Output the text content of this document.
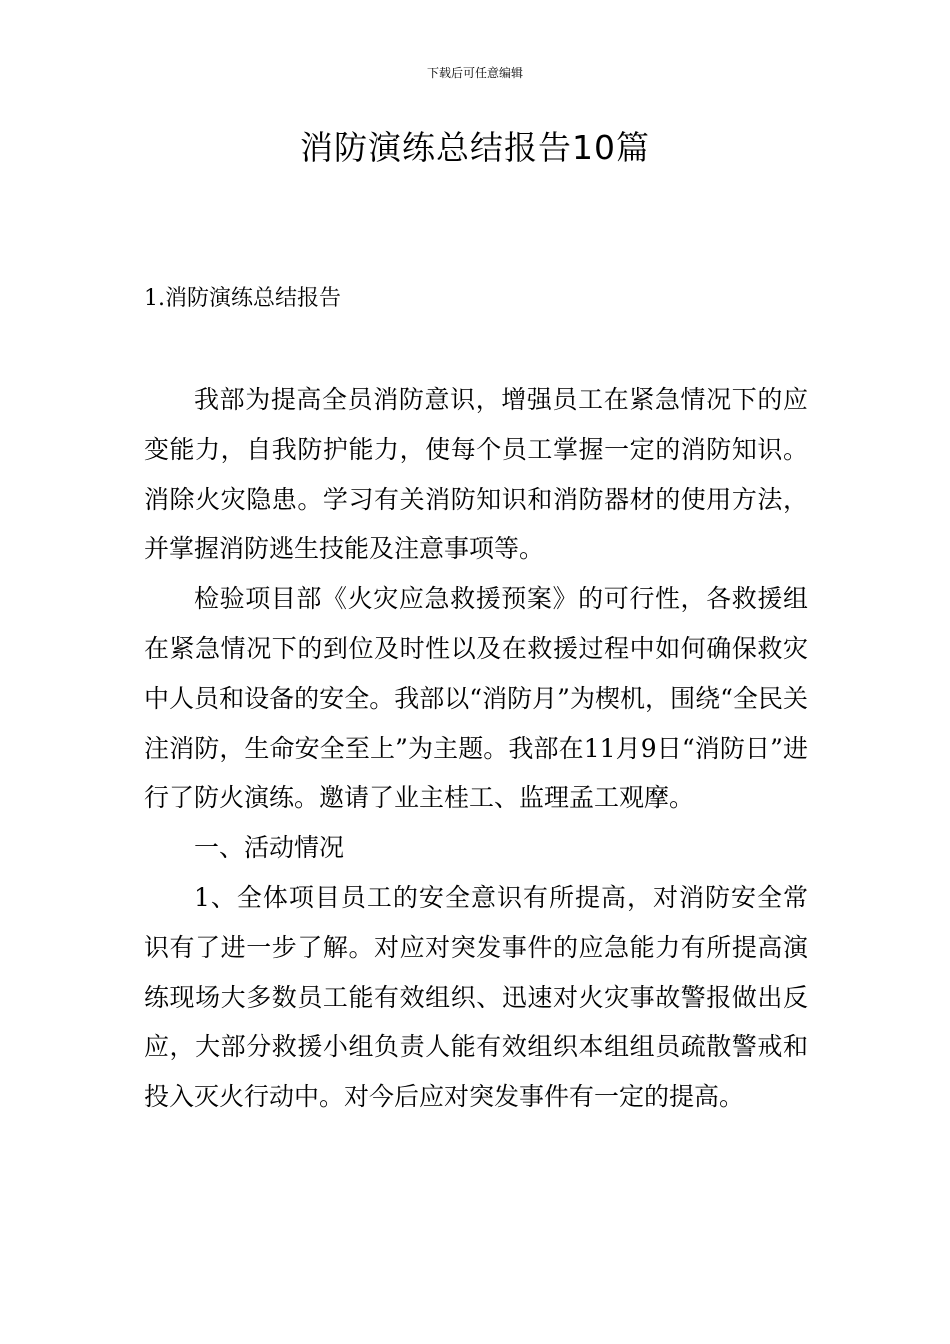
下载后可任意编辑
消防演练总结报告10篇
1.消防演练总结报告

我部为提高全员消防意识，增强员工在紧急情况下的应变能力，自我防护能力，使每个员工掌握一定的消防知识。消除火灾隐患。学习有关消防知识和消防器材的使用方法，并掌握消防逃生技能及注意事项等。

检验项目部《火灾应急救援预案》的可行性，各救援组在紧急情况下的到位及时性以及在救援过程中如何确保救灾中人员和设备的安全。我部以“消防月”为楔机，围绕“全民关注消防，生命安全至上”为主题。我部在11月9日“消防日”进行了防火演练。邀请了业主桂工、监理孟工观摩。

一、活动情况

1、全体项目员工的安全意识有所提高，对消防安全常识有了进一步了解。对应对突发事件的应急能力有所提高演练现场大多数员工能有效组织、迅速对火灾事故警报做出反应，大部分救援小组负责人能有效组织本组组员疏散警戒和投入灭火行动中。对今后应对突发事件有一定的提高。
